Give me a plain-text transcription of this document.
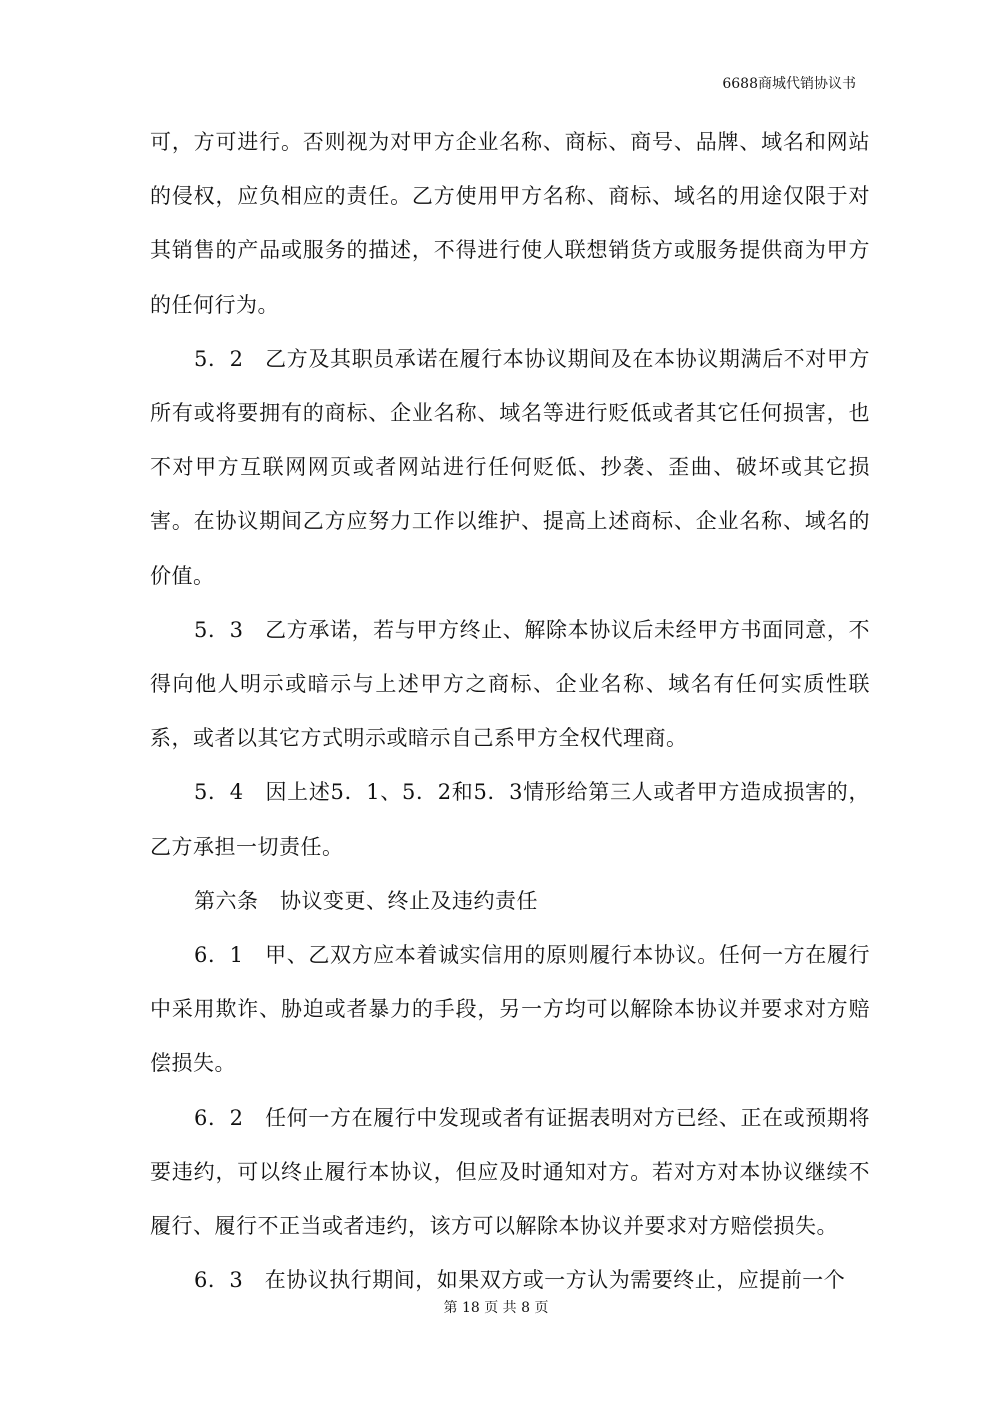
6688商城代销协议书

可，方可进行。否则视为对甲方企业名称、商标、商号、品牌、域名和网站的侵权，应负相应的责任。乙方使用甲方名称、商标、域名的用途仅限于对其销售的产品或服务的描述，不得进行使人联想销货方或服务提供商为甲方的任何行为。

5．2　乙方及其职员承诺在履行本协议期间及在本协议期满后不对甲方所有或将要拥有的商标、企业名称、域名等进行贬低或者其它任何损害，也不对甲方互联网网页或者网站进行任何贬低、抄袭、歪曲、破坏或其它损害。在协议期间乙方应努力工作以维护、提高上述商标、企业名称、域名的价值。

5．3　乙方承诺，若与甲方终止、解除本协议后未经甲方书面同意，不得向他人明示或暗示与上述甲方之商标、企业名称、域名有任何实质性联系，或者以其它方式明示或暗示自己系甲方全权代理商。

5．4　因上述5．1、5．2和5．3情形给第三人或者甲方造成损害的，乙方承担一切责任。

第六条　协议变更、终止及违约责任

6．1　甲、乙双方应本着诚实信用的原则履行本协议。任何一方在履行中采用欺诈、胁迫或者暴力的手段，另一方均可以解除本协议并要求对方赔偿损失。

6．2　任何一方在履行中发现或者有证据表明对方已经、正在或预期将要违约，可以终止履行本协议，但应及时通知对方。若对方对本协议继续不履行、履行不正当或者违约，该方可以解除本协议并要求对方赔偿损失。

6．3　在协议执行期间，如果双方或一方认为需要终止，应提前一个

第 18 页 共 8 页
